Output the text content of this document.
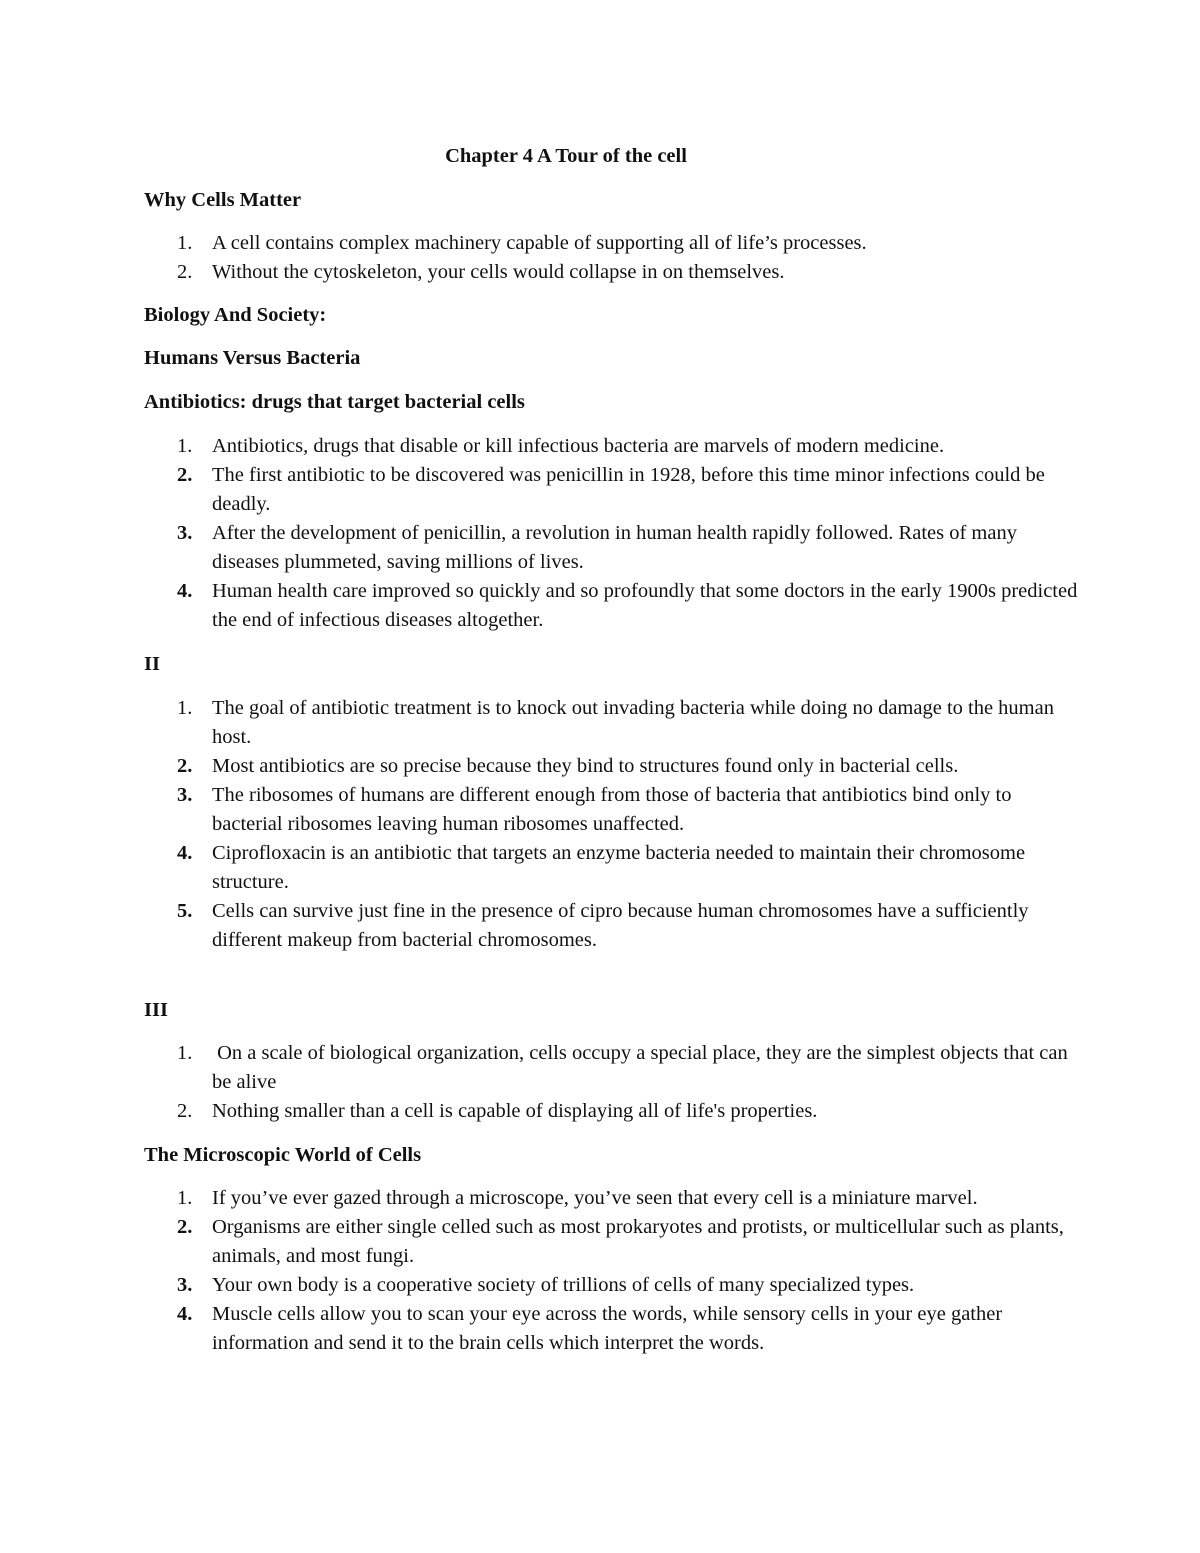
Chapter 4 A Tour of the cell
Why Cells Matter
1. A cell contains complex machinery capable of supporting all of life’s processes.
2. Without the cytoskeleton, your cells would collapse in on themselves.
Biology And Society:
Humans Versus Bacteria
Antibiotics: drugs that target bacterial cells
1. Antibiotics, drugs that disable or kill infectious bacteria are marvels of modern medicine.
2. The first antibiotic to be discovered was penicillin in 1928, before this time minor infections could be deadly.
3. After the development of penicillin, a revolution in human health rapidly followed. Rates of many diseases plummeted, saving millions of lives.
4. Human health care improved so quickly and so profoundly that some doctors in the early 1900s predicted the end of infectious diseases altogether.
II
1. The goal of antibiotic treatment is to knock out invading bacteria while doing no damage to the human host.
2. Most antibiotics are so precise because they bind to structures found only in bacterial cells.
3. The ribosomes of humans are different enough from those of bacteria that antibiotics bind only to bacterial ribosomes leaving human ribosomes unaffected.
4. Ciprofloxacin is an antibiotic that targets an enzyme bacteria needed to maintain their chromosome structure.
5. Cells can survive just fine in the presence of cipro because human chromosomes have a sufficiently different makeup from bacterial chromosomes.
III
1. On a scale of biological organization, cells occupy a special place, they are the simplest objects that can be alive
2. Nothing smaller than a cell is capable of displaying all of life's properties.
The Microscopic World of Cells
1. If you’ve ever gazed through a microscope, you’ve seen that every cell is a miniature marvel.
2. Organisms are either single celled such as most prokaryotes and protists, or multicellular such as plants, animals, and most fungi.
3. Your own body is a cooperative society of trillions of cells of many specialized types.
4. Muscle cells allow you to scan your eye across the words, while sensory cells in your eye gather information and send it to the brain cells which interpret the words.
